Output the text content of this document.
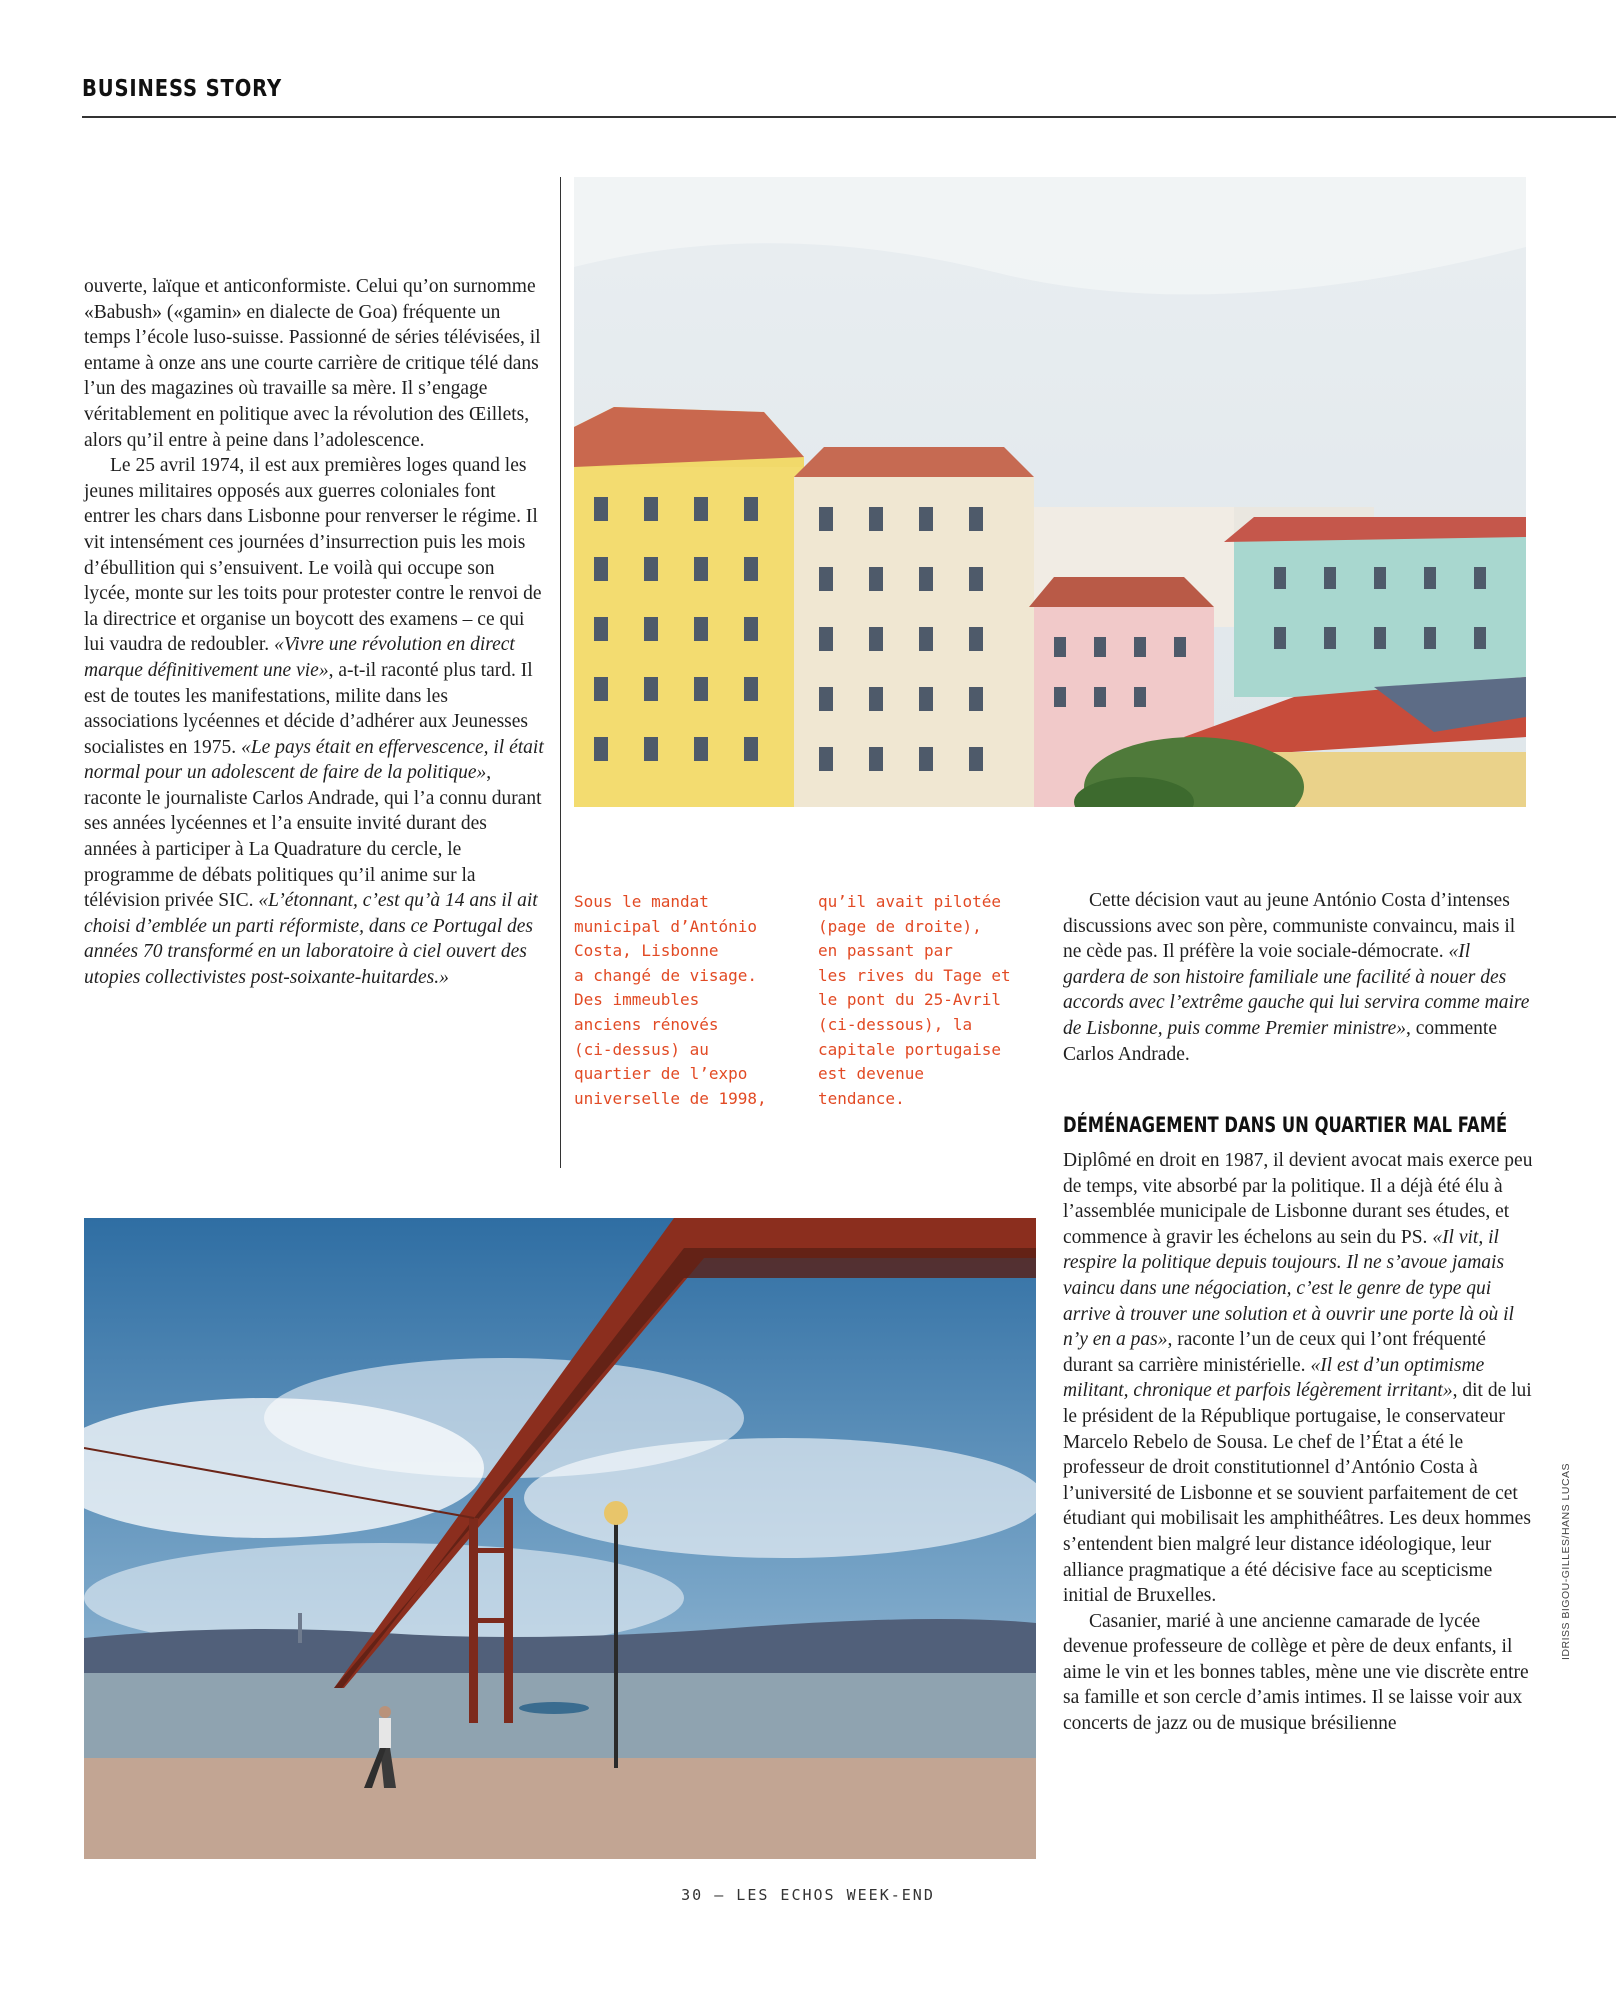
BUSINESS STORY

ouverte, laïque et anticonformiste. Celui qu’on surnomme «Babush» («gamin» en dialecte de Goa) fréquente un temps l’école luso-suisse. Passionné de séries télévisées, il entame à onze ans une courte carrière de critique télé dans l’un des magazines où travaille sa mère. Il s’engage véritablement en politique avec la révolution des Œillets, alors qu’il entre à peine dans l’adolescence.

Le 25 avril 1974, il est aux premières loges quand les jeunes militaires opposés aux guerres coloniales font entrer les chars dans Lisbonne pour renverser le régime. Il vit intensément ces journées d’insurrection puis les mois d’ébullition qui s’ensuivent. Le voilà qui occupe son lycée, monte sur les toits pour protester contre le renvoi de la directrice et organise un boycott des examens – ce qui lui vaudra de redoubler. «Vivre une révolution en direct marque définitivement une vie», a-t-il raconté plus tard. Il est de toutes les manifestations, milite dans les associations lycéennes et décide d’adhérer aux Jeunesses socialistes en 1975. «Le pays était en effervescence, il était normal pour un adolescent de faire de la politique», raconte le journaliste Carlos Andrade, qui l’a connu durant ses années lycéennes et l’a ensuite invité durant des années à participer à La Quadrature du cercle, le programme de débats politiques qu’il anime sur la télévision privée SIC. «L’étonnant, c’est qu’à 14 ans il ait choisi d’emblée un parti réformiste, dans ce Portugal des années 70 transformé en un laboratoire à ciel ouvert des utopies collectivistes post-soixante-huitardes.»

Sous le mandat
municipal d’António
Costa, Lisbonne
a changé de visage.
Des immeubles
anciens rénovés
(ci-dessus) au
quartier de l’expo
universelle de 1998,
qu’il avait pilotée
(page de droite),
en passant par
les rives du Tage et
le pont du 25-Avril
(ci-dessous), la
capitale portugaise
est devenue
tendance.

Cette décision vaut au jeune António Costa d’intenses discussions avec son père, communiste convaincu, mais il ne cède pas. Il préfère la voie sociale-démocrate. «Il gardera de son histoire familiale une facilité à nouer des accords avec l’extrême gauche qui lui servira comme maire de Lisbonne, puis comme Premier ministre», commente Carlos Andrade.

DÉMÉNAGEMENT DANS UN QUARTIER MAL FAMÉ

Diplômé en droit en 1987, il devient avocat mais exerce peu de temps, vite absorbé par la politique. Il a déjà été élu à l’assemblée municipale de Lisbonne durant ses études, et commence à gravir les échelons au sein du PS. «Il vit, il respire la politique depuis toujours. Il ne s’avoue jamais vaincu dans une négociation, c’est le genre de type qui arrive à trouver une solution et à ouvrir une porte là où il n’y en a pas», raconte l’un de ceux qui l’ont fréquenté durant sa carrière ministérielle. «Il est d’un optimisme militant, chronique et parfois légèrement irritant», dit de lui le président de la République portugaise, le conservateur Marcelo Rebelo de Sousa. Le chef de l’État a été le professeur de droit constitutionnel d’António Costa à l’université de Lisbonne et se souvient parfaitement de cet étudiant qui mobilisait les amphithéâtres. Les deux hommes s’entendent bien malgré leur distance idéologique, leur alliance pragmatique a été décisive face au scepticisme initial de Bruxelles.

Casanier, marié à une ancienne camarade de lycée devenue professeure de collège et père de deux enfants, il aime le vin et les bonnes tables, mène une vie discrète entre sa famille et son cercle d’amis intimes. Il se laisse voir aux concerts de jazz ou de musique brésilienne

IDRISS BIGOU-GILLES/HANS LUCAS
30 – LES ECHOS WEEK-END
